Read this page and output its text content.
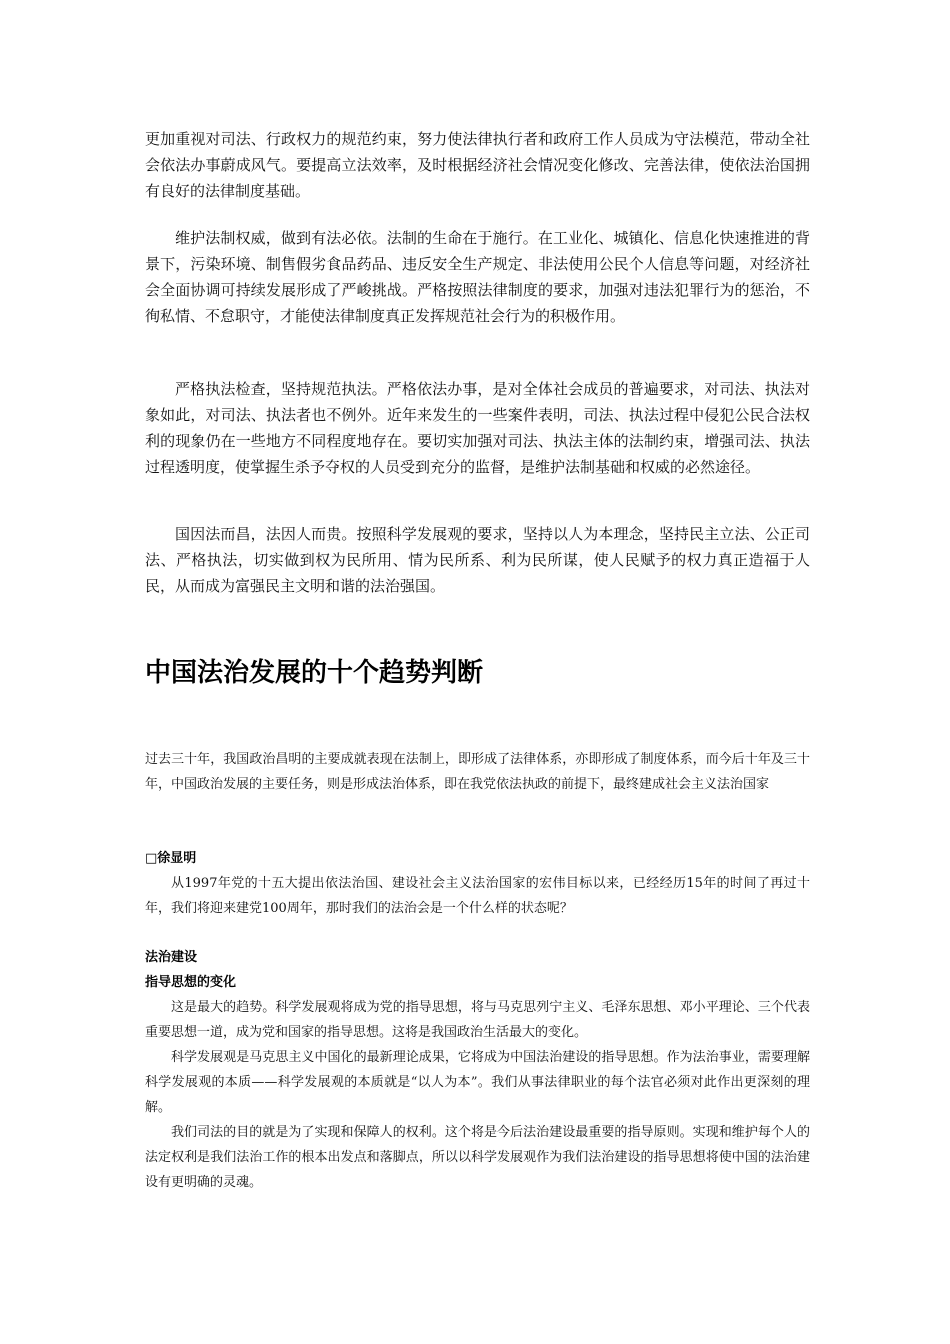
更加重视对司法、行政权力的规范约束，努力使法律执行者和政府工作人员成为守法模范，带动全社会依法办事蔚成风气。要提高立法效率，及时根据经济社会情况变化修改、完善法律，使依法治国拥有良好的法律制度基础。

维护法制权威，做到有法必依。法制的生命在于施行。在工业化、城镇化、信息化快速推进的背景下，污染环境、制售假劣食品药品、违反安全生产规定、非法使用公民个人信息等问题，对经济社会全面协调可持续发展形成了严峻挑战。严格按照法律制度的要求，加强对违法犯罪行为的惩治，不徇私情、不怠职守，才能使法律制度真正发挥规范社会行为的积极作用。

严格执法检查，坚持规范执法。严格依法办事，是对全体社会成员的普遍要求，对司法、执法对象如此，对司法、执法者也不例外。近年来发生的一些案件表明，司法、执法过程中侵犯公民合法权利的现象仍在一些地方不同程度地存在。要切实加强对司法、执法主体的法制约束，增强司法、执法过程透明度，使掌握生杀予夺权的人员受到充分的监督，是维护法制基础和权威的必然途径。

国因法而昌，法因人而贵。按照科学发展观的要求，坚持以人为本理念，坚持民主立法、公正司法、严格执法，切实做到权为民所用、情为民所系、利为民所谋，使人民赋予的权力真正造福于人民，从而成为富强民主文明和谐的法治强国。

中国法治发展的十个趋势判断

过去三十年，我国政治昌明的主要成就表现在法制上，即形成了法律体系，亦即形成了制度体系，而今后十年及三十年，中国政治发展的主要任务，则是形成法治体系，即在我党依法执政的前提下，最终建成社会主义法治国家

□徐显明

从1997年党的十五大提出依法治国、建设社会主义法治国家的宏伟目标以来，已经经历15年的时间了再过十年，我们将迎来建党100周年，那时我们的法治会是一个什么样的状态呢？

法治建设

指导思想的变化

这是最大的趋势。科学发展观将成为党的指导思想，将与马克思列宁主义、毛泽东思想、邓小平理论、三个代表重要思想一道，成为党和国家的指导思想。这将是我国政治生活最大的变化。

科学发展观是马克思主义中国化的最新理论成果，它将成为中国法治建设的指导思想。作为法治事业，需要理解科学发展观的本质——科学发展观的本质就是“以人为本”。我们从事法律职业的每个法官必须对此作出更深刻的理解。

我们司法的目的就是为了实现和保障人的权利。这个将是今后法治建设最重要的指导原则。实现和维护每个人的法定权利是我们法治工作的根本出发点和落脚点，所以以科学发展观作为我们法治建设的指导思想将使中国的法治建设有更明确的灵魂。
